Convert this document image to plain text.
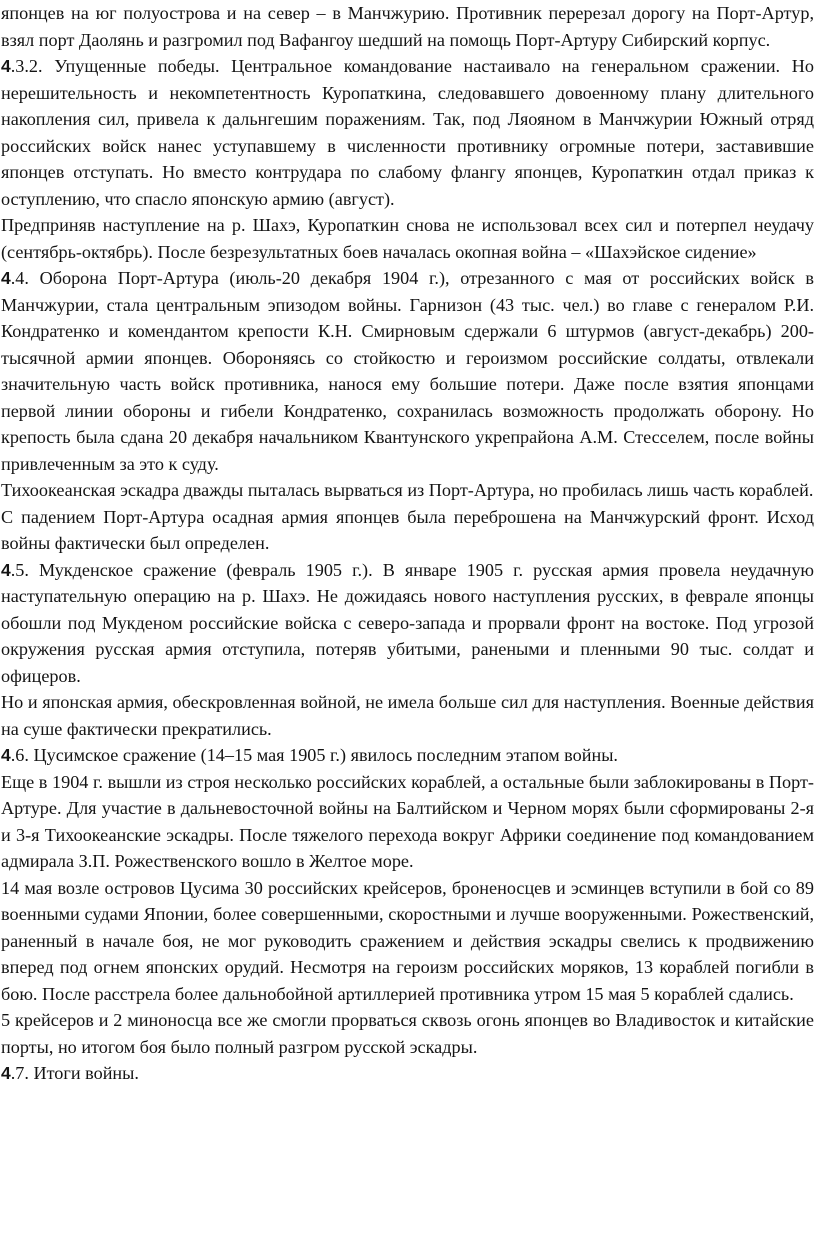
японцев на юг полуострова и на север – в Манчжурию. Противник перерезал дорогу на Порт-Артур, взял порт Даолянь и разгромил под Вафангоу шедший на помощь Порт-Артуру Сибирский корпус.

4.3.2. Упущенные победы. Центральное командование настаивало на генеральном сражении. Но нерешительность и некомпетентность Куропаткина, следовавшего довоенному плану длительного накопления сил, привела к дальнгешим поражениям. Так, под Ляояном в Манчжурии Южный отряд российских войск нанес уступавшему в численности противнику огромные потери, заставившие японцев отступать. Но вместо контрудара по слабому флангу японцев, Куропаткин отдал приказ к оступлению, что спасло японскую армию (август).

Предприняв наступление на р. Шахэ, Куропаткин снова не использовал всех сил и потерпел неудачу (сентябрь-октябрь). После безрезультатных боев началась окопная война – «Шахэйское сидение»

4.4. Оборона Порт-Артура (июль-20 декабря 1904 г.), отрезанного с мая от российских войск в Манчжурии, стала центральным эпизодом войны. Гарнизон (43 тыс. чел.) во главе с генералом Р.И. Кондратенко и комендантом крепости К.Н. Смирновым сдержали 6 штурмов (август-декабрь) 200-тысячной армии японцев. Обороняясь со стойкостю и героизмом российские солдаты, отвлекали значительную часть войск противника, нанося ему большие потери. Даже после взятия японцами первой линии обороны и гибели Кондратенко, сохранилась возможность продолжать оборону. Но крепость была сдана 20 декабря начальником Квантунского укрепрайона А.М. Стесселем, после войны привлеченным за это к суду.

Тихоокеанская эскадра дважды пыталась вырваться из Порт-Артура, но пробилась лишь часть кораблей.

С падением Порт-Артура осадная армия японцев была переброшена на Манчжурский фронт. Исход войны фактически был определен.

4.5. Мукденское сражение (февраль 1905 г.). В январе 1905 г. русская армия провела неудачную наступательную операцию на р. Шахэ. Не дожидаясь нового наступления русских, в феврале японцы обошли под Мукденом российские войска с северо-запада и прорвали фронт на востоке. Под угрозой окружения русская армия отступила, потеряв убитыми, ранеными и пленными 90 тыс. солдат и офицеров.

Но и японская армия, обескровленная войной, не имела больше сил для наступления. Военные действия на суше фактически прекратились.

4.6. Цусимское сражение (14–15 мая 1905 г.) явилось последним этапом войны.

Еще в 1904 г. вышли из строя несколько российских кораблей, а остальные были заблокированы в Порт-Артуре. Для участие в дальневосточной войны на Балтийском и Черном морях были сформированы 2-я и 3-я Тихоокеанские эскадры. После тяжелого перехода вокруг Африки соединение под командованием адмирала З.П. Рожественского вошло в Желтое море.

14 мая возле островов Цусима 30 российских крейсеров, броненосцев и эсминцев вступили в бой со 89 военными судами Японии, более совершенными, скоростными и лучше вооруженными. Рожественский, раненный в начале боя, не мог руководить сражением и действия эскадры свелись к продвижению вперед под огнем японских орудий. Несмотря на героизм российских моряков, 13 кораблей погибли в бою. После расстрела более дальнобойной артиллерией противника утром 15 мая 5 кораблей сдались.

5 крейсеров и 2 миноносца все же смогли прорваться сквозь огонь японцев во Владивосток и китайские порты, но итогом боя было полный разгром русской эскадры.

4.7. Итоги войны.
